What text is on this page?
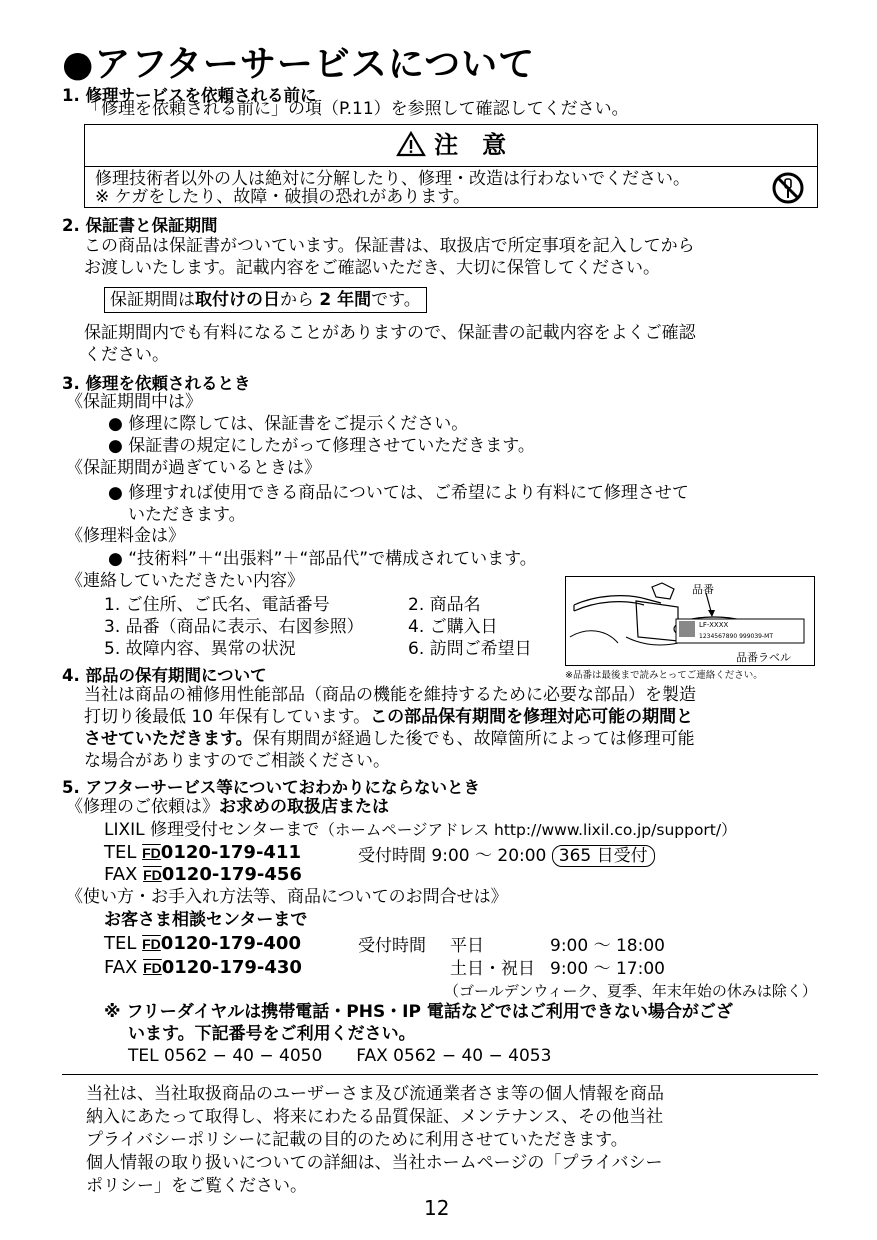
●アフターサービスについて
1. 修理サービスを依頼される前に
「修理を依頼される前に」の項（P.11）を参照して確認してください。
注　意
修理技術者以外の人は絶対に分解したり、修理・改造は行わないでください。
※ ケガをしたり、故障・破損の恐れがあります。
2. 保証書と保証期間
この商品は保証書がついています。保証書は、取扱店で所定事項を記入してから
お渡しいたします。記載内容をご確認いただき、大切に保管してください。
保証期間は取付けの日から 2 年間です。
保証期間内でも有料になることがありますので、保証書の記載内容をよくご確認
ください。
3. 修理を依頼されるとき
《保証期間中は》
● 修理に際しては、保証書をご提示ください。
● 保証書の規定にしたがって修理させていただきます。
《保証期間が過ぎているときは》
● 修理すれば使用できる商品については、ご希望により有料にて修理させて
いただきます。
《修理料金は》
● “技術料”＋“出張料”＋“部品代”で構成されています。
《連絡していただきたい内容》
1. ご住所、ご氏名、電話番号	2. 商品名
3. 品番（商品に表示、右図参照）	4. ご購入日
5. 故障内容、異常の状況	6. 訪問ご希望日
品番
LF-XXXX
1234567890 999039-MT
品番ラベル
※品番は最後まで読みとってご連絡ください。
4. 部品の保有期間について
当社は商品の補修用性能部品（商品の機能を維持するために必要な部品）を製造
打切り後最低 10 年保有しています。この部品保有期間を修理対応可能の期間と
させていただきます。保有期間が経過した後でも、故障箇所によっては修理可能
な場合がありますのでご相談ください。
5. アフターサービス等についておわかりにならないとき
《修理のご依頼は》お求めの取扱店または
LIXIL 修理受付センターまで（ホームページアドレス http://www.lixil.co.jp/support/）
TEL FD0120-179-411	受付時間 9:00 ～ 20:00 365 日受付
FAX FD0120-179-456
《使い方・お手入れ方法等、商品についてのお問合せは》
お客さま相談センターまで
TEL FD0120-179-400	受付時間 平日	9:00 ～ 18:00
FAX FD0120-179-430	土日・祝日 9:00 ～ 17:00
（ゴールデンウィーク、夏季、年末年始の休みは除く）
※ フリーダイヤルは携帯電話・PHS・IP 電話などではご利用できない場合がござ
います。下記番号をご利用ください。
TEL 0562 − 40 − 4050　　FAX 0562 − 40 − 4053
当社は、当社取扱商品のユーザーさま及び流通業者さま等の個人情報を商品
納入にあたって取得し、将来にわたる品質保証、メンテナンス、その他当社
プライバシーポリシーに記載の目的のために利用させていただきます。
個人情報の取り扱いについての詳細は、当社ホームページの「プライバシー
ポリシー」をご覧ください。
12
